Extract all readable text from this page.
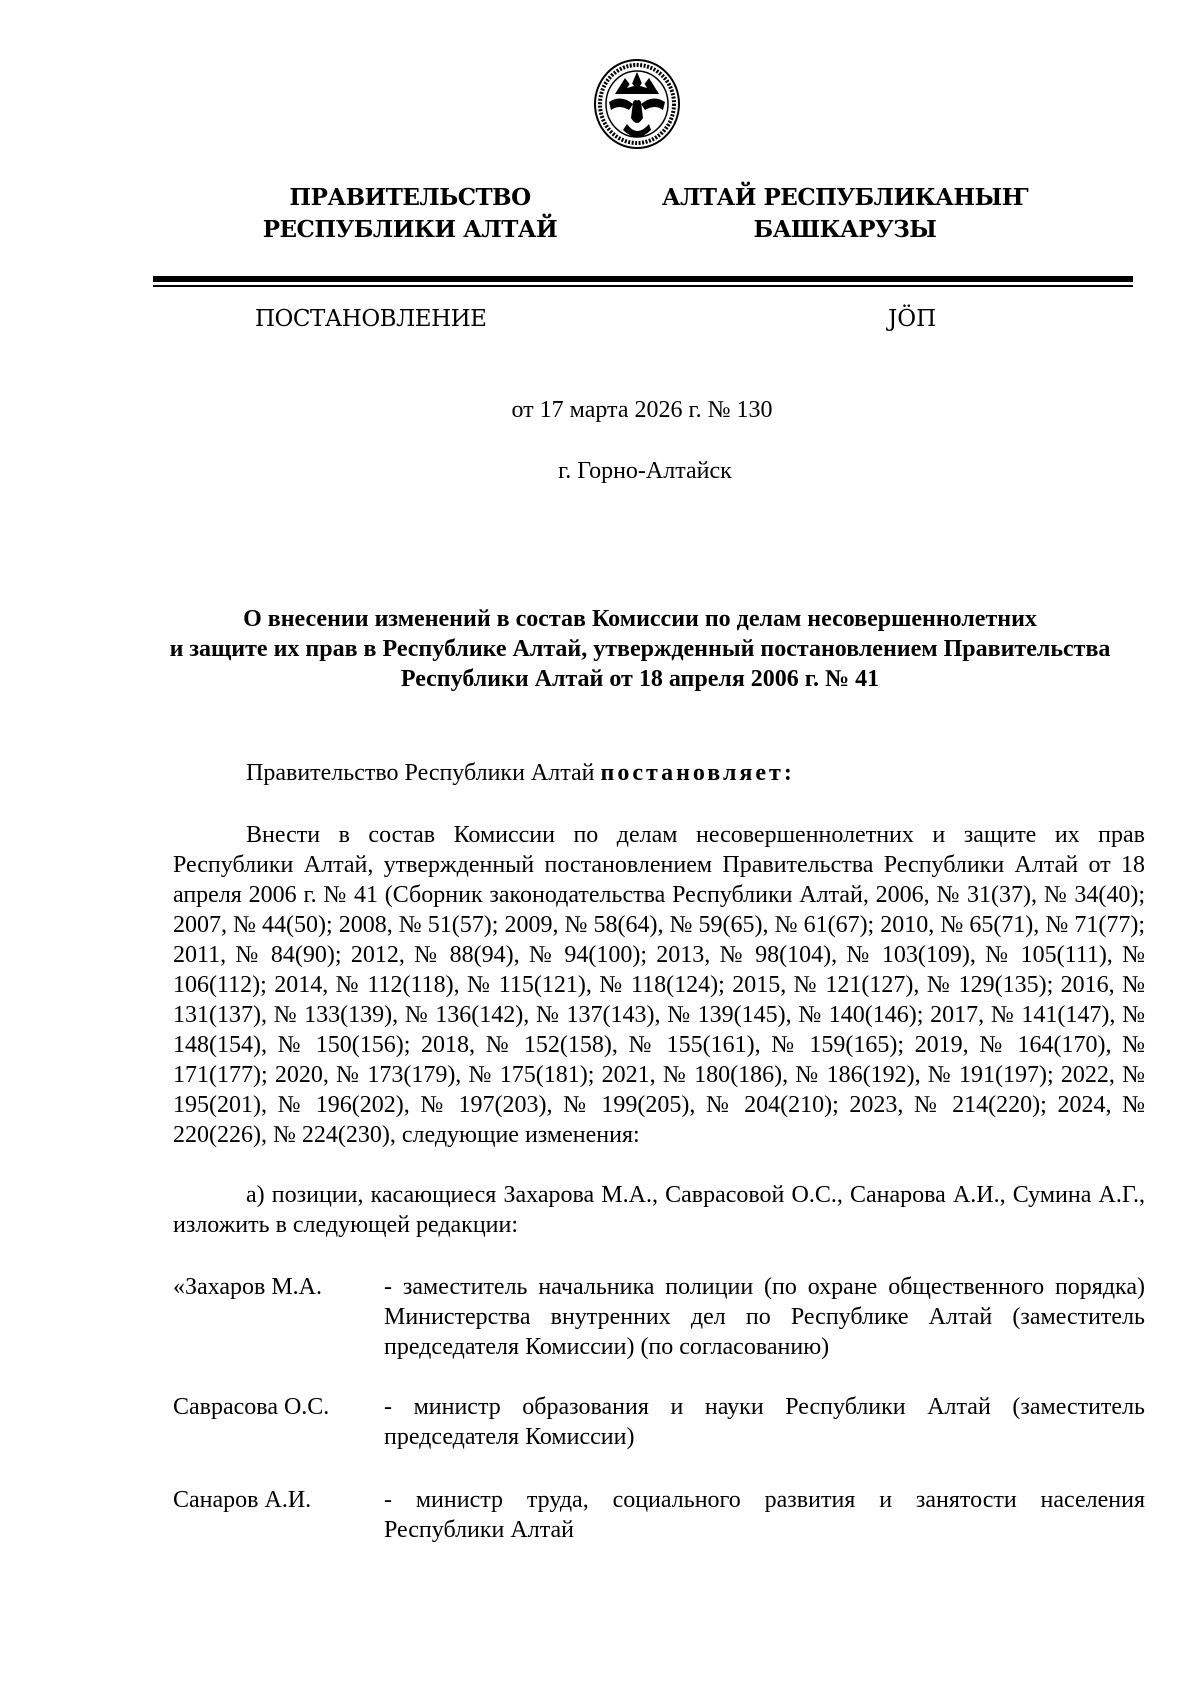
ПРАВИТЕЛЬСТВО
РЕСПУБЛИКИ АЛТАЙ
АЛТАЙ РЕСПУБЛИКАНЫҤ
БАШКАРУЗЫ
ПОСТАНОВЛЕНИЕ	JÖП
от 17 марта 2026 г. № 130
г. Горно-Алтайск
О внесении изменений в состав Комиссии по делам несовершеннолетних
и защите их прав в Республике Алтай, утвержденный постановлением Правительства
Республики Алтай от 18 апреля 2006 г. № 41
Правительство Республики Алтай постановляет:
Внести в состав Комиссии по делам несовершеннолетних и защите их прав Республики Алтай, утвержденный постановлением Правительства Республики Алтай от 18 апреля 2006 г. № 41 (Сборник законодательства Республики Алтай, 2006, № 31(37), № 34(40); 2007, № 44(50); 2008, № 51(57); 2009, № 58(64), № 59(65), № 61(67); 2010, № 65(71), № 71(77); 2011, № 84(90); 2012, № 88(94), № 94(100); 2013, № 98(104), № 103(109), № 105(111), № 106(112); 2014, № 112(118), № 115(121), № 118(124); 2015, № 121(127), № 129(135); 2016, № 131(137), № 133(139), № 136(142), № 137(143), № 139(145), № 140(146); 2017, № 141(147), № 148(154), № 150(156); 2018, № 152(158), № 155(161), № 159(165); 2019, № 164(170), № 171(177); 2020, № 173(179), № 175(181); 2021, № 180(186), № 186(192), № 191(197); 2022, № 195(201), № 196(202), № 197(203), № 199(205), № 204(210); 2023, № 214(220); 2024, № 220(226), № 224(230), следующие изменения:
а) позиции, касающиеся Захарова М.А., Саврасовой О.С., Санарова А.И., Сумина А.Г., изложить в следующей редакции:
«Захаров М.А.	- заместитель начальника полиции (по охране общественного порядка) Министерства внутренних дел по Республике Алтай (заместитель председателя Комиссии) (по согласованию)
Саврасова О.С.	- министр образования и науки Республики Алтай (заместитель председателя Комиссии)
Санаров А.И.	- министр труда, социального развития и занятости населения Республики Алтай
